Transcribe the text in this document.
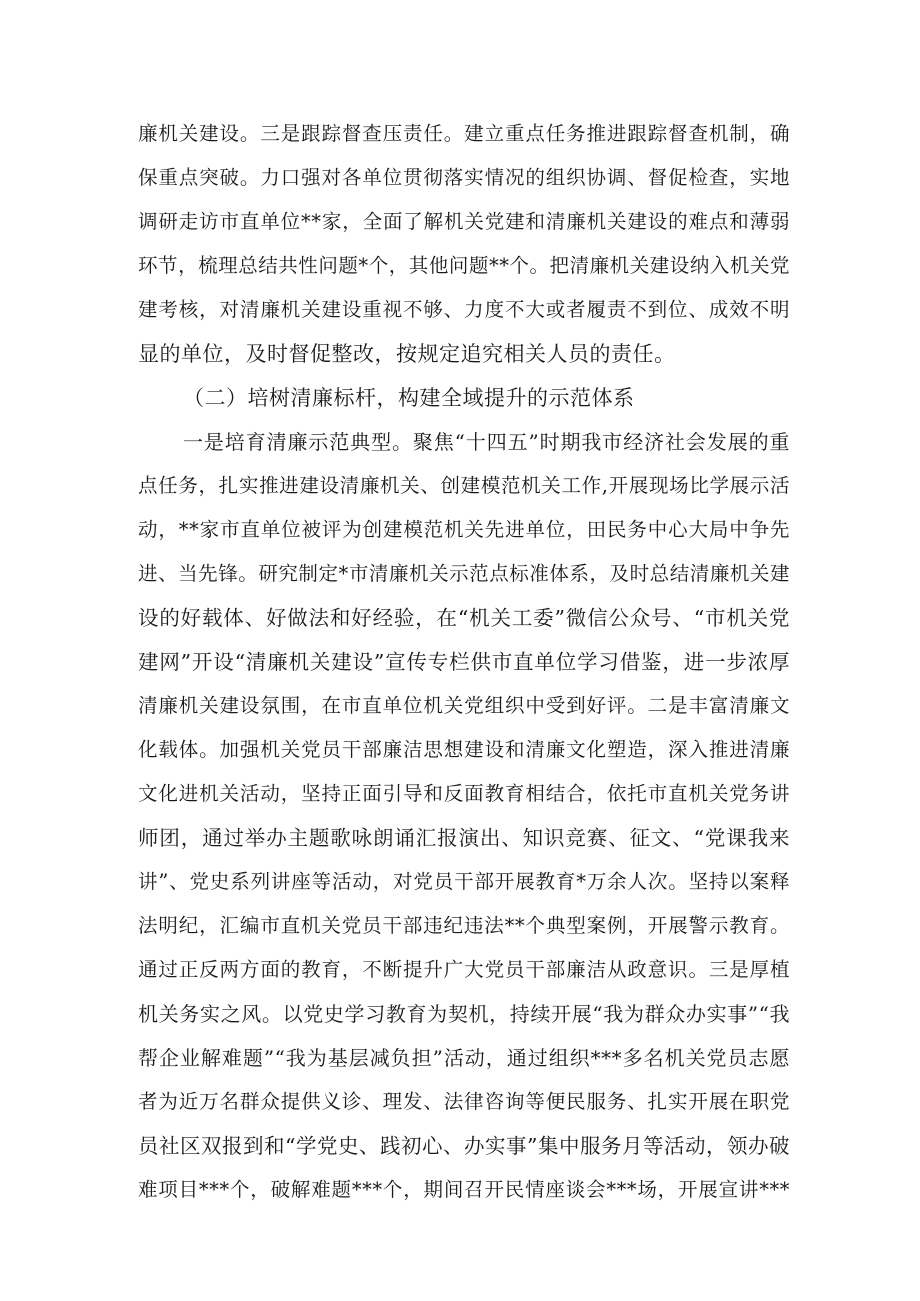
廉机关建设。三是跟踪督查压责任。建立重点任务推进跟踪督查机制，确
保重点突破。力口强对各单位贯彻落实情况的组织协调、督促检查，实地
调研走访市直单位**家，全面了解机关党建和清廉机关建设的难点和薄弱
环节，梳理总结共性问题*个，其他问题**个。把清廉机关建设纳入机关党
建考核，对清廉机关建设重视不够、力度不大或者履责不到位、成效不明
显的单位，及时督促整改，按规定追究相关人员的责任。
（二）培树清廉标杆，构建全域提升的示范体系
一是培育清廉示范典型。聚焦“十四五”时期我市经济社会发展的重
点任务，扎实推进建设清廉机关、创建模范机关工作,开展现场比学展示活
动，**家市直单位被评为创建模范机关先进单位，田民务中心大局中争先
进、当先锋。研究制定*市清廉机关示范点标准体系，及时总结清廉机关建
设的好载体、好做法和好经验，在“机关工委”微信公众号、“市机关党
建网”开设“清廉机关建设”宣传专栏供市直单位学习借鉴，进一步浓厚
清廉机关建设氛围，在市直单位机关党组织中受到好评。二是丰富清廉文
化载体。加强机关党员干部廉洁思想建设和清廉文化塑造，深入推进清廉
文化进机关活动，坚持正面引导和反面教育相结合，依托市直机关党务讲
师团，通过举办主题歌咏朗诵汇报演出、知识竞赛、征文、“党课我来
讲”、党史系列讲座等活动，对党员干部开展教育*万余人次。坚持以案释
法明纪，汇编市直机关党员干部违纪违法**个典型案例，开展警示教育。
通过正反两方面的教育，不断提升广大党员干部廉洁从政意识。三是厚植
机关务实之风。以党史学习教育为契机，持续开展“我为群众办实事”“我
帮企业解难题”“我为基层减负担”活动，通过组织***多名机关党员志愿
者为近万名群众提供义诊、理发、法律咨询等便民服务、扎实开展在职党
员社区双报到和“学党史、践初心、办实事”集中服务月等活动，领办破
难项目***个，破解难题***个，期间召开民情座谈会***场，开展宣讲***
